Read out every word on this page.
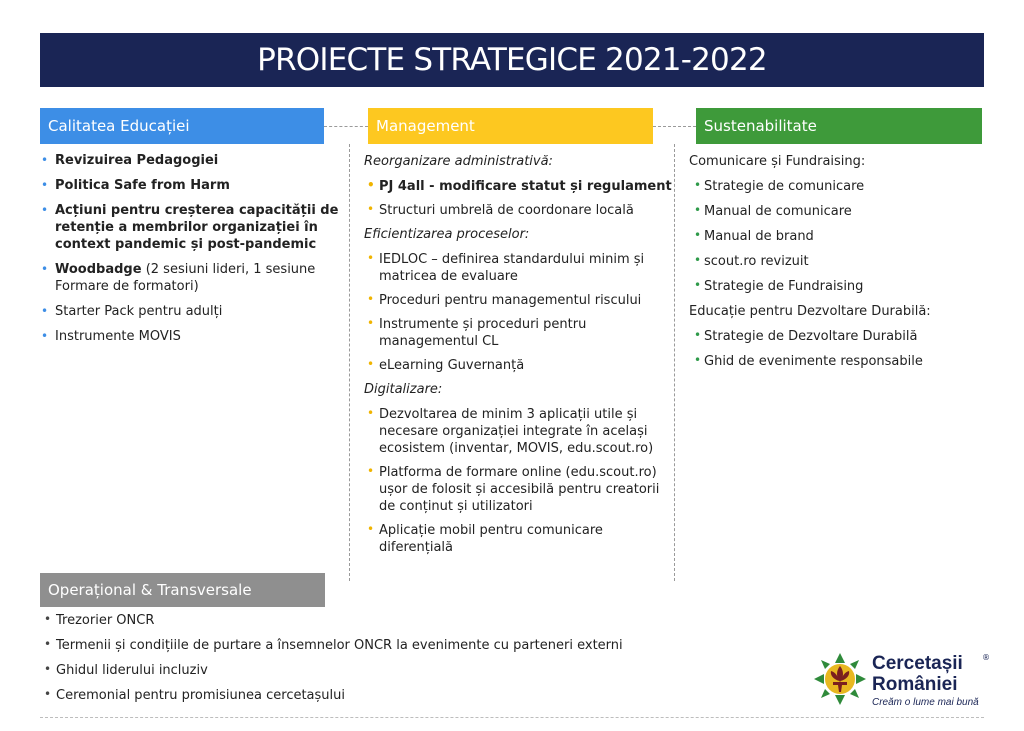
PROIECTE STRATEGICE 2021-2022
Calitatea Educației	Management	Sustenabilitate
• Revizuirea Pedagogiei
• Politica Safe from Harm
• Acțiuni pentru creșterea capacității de retenție a membrilor organizației în context pandemic și post-pandemic
• Woodbadge (2 sesiuni lideri, 1 sesiune Formare de formatori)
• Starter Pack pentru adulți
• Instrumente MOVIS
Reorganizare administrativă:
• PJ 4all - modificare statut și regulament
• Structuri umbrelă de coordonare locală
Eficientizarea proceselor:
• IEDLOC – definirea standardului minim și matricea de evaluare
• Proceduri pentru managementul riscului
• Instrumente și proceduri pentru managementul CL
• eLearning Guvernanță
Digitalizare:
• Dezvoltarea de minim 3 aplicații utile și necesare organizației integrate în același ecosistem (inventar, MOVIS, edu.scout.ro)
• Platforma de formare online (edu.scout.ro) ușor de folosit și accesibilă pentru creatorii de conținut și utilizatori
• Aplicație mobil pentru comunicare diferențială
Comunicare și Fundraising:
• Strategie de comunicare
• Manual de comunicare
• Manual de brand
• scout.ro revizuit
• Strategie de Fundraising
Educație pentru Dezvoltare Durabilă:
• Strategie de Dezvoltare Durabilă
• Ghid de evenimente responsabile
Operațional & Transversale
• Trezorier ONCR
• Termenii și condițiile de purtare a însemnelor ONCR la evenimente cu parteneri externi
• Ghidul liderului incluziv
• Ceremonial pentru promisiunea cercetașului
Cercetașii
României
Creăm o lume mai bună
®
